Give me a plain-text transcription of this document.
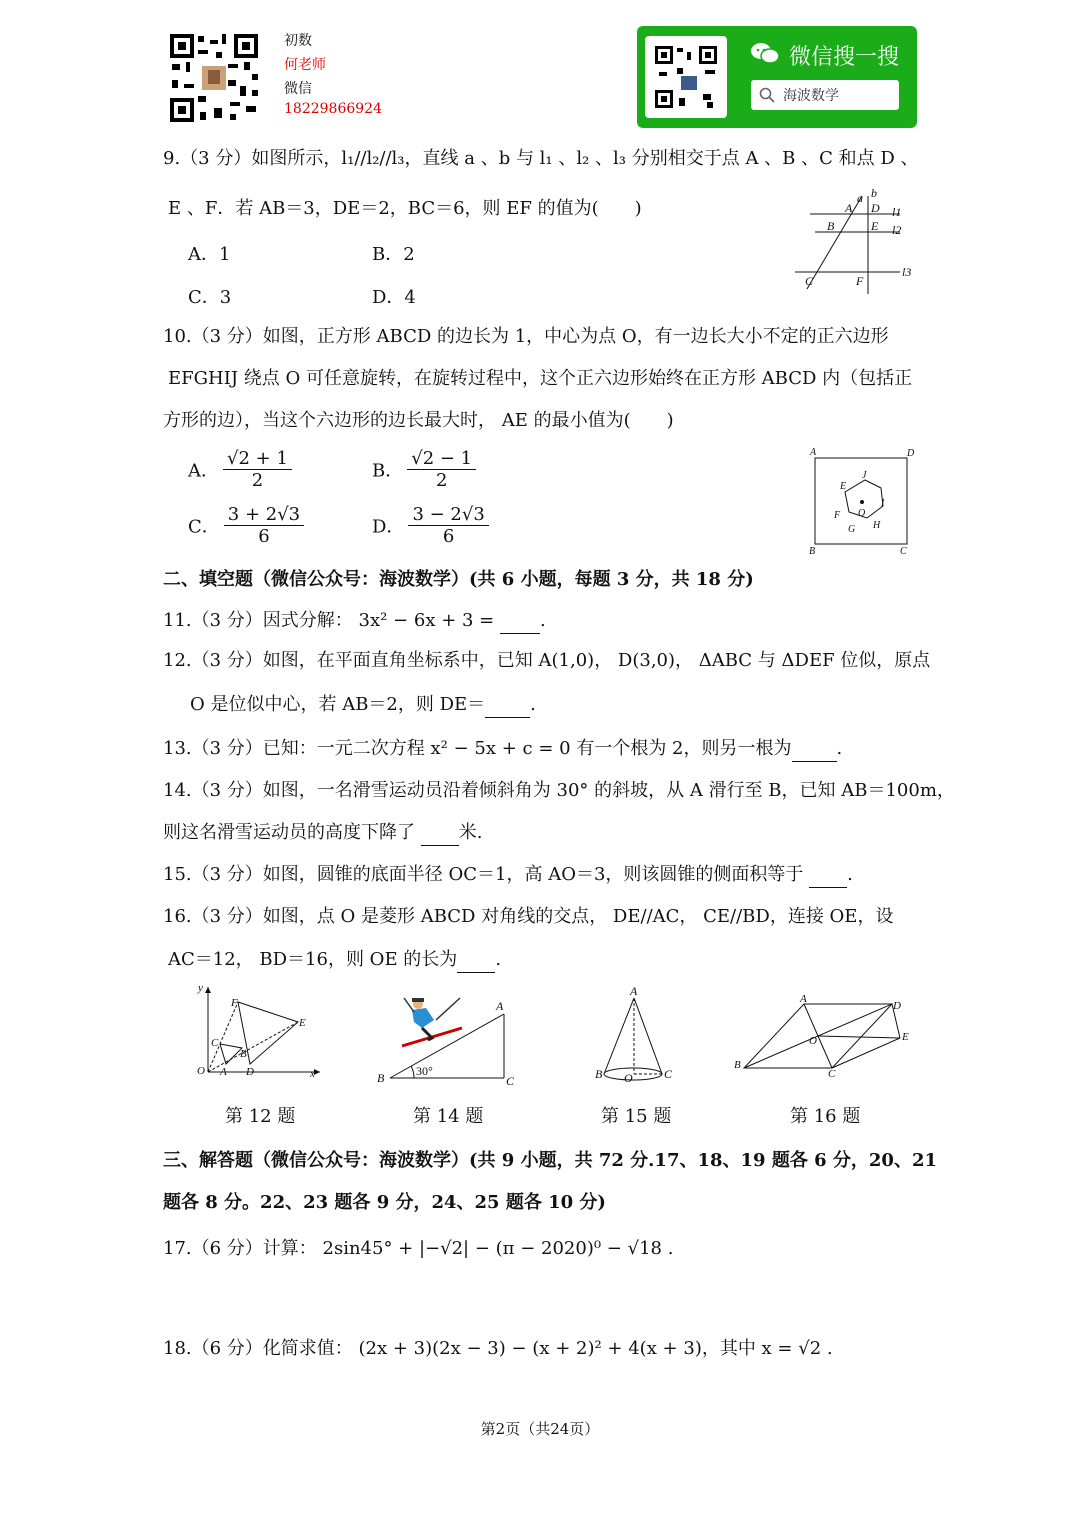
初数
何老师
微信
18229866924
微信搜一搜
海波数学
9.（3 分）如图所示，l₁//l₂//l₃，直线 a 、b 与 l₁ 、l₂ 、l₃ 分别相交于点 A 、B 、C 和点 D 、
E 、F．若 AB＝3，DE＝2，BC＝6，则 EF 的值为(　　)
A．1	B．2
C．3	D．4
a b
A D
B	E
C	F
l1
l2
l3
10.（3 分）如图，正方形 ABCD 的边长为 1，中心为点 O，有一边长大小不定的正六边形
EFGHIJ 绕点 O 可任意旋转，在旋转过程中，这个正六边形始终在正方形 ABCD 内（包括正
方形的边），当这个六边形的边长最大时， AE 的最小值为(　　)
A． $\frac{√2 + 1}{2}$	B． $\frac{√2 - 1}{2}$
C． $\frac{3 + 2√3}{6}$	D． $\frac{3 - 2√3}{6}$
A	D
B	C
J
E
I
F O
G H
二、填空题（微信公众号：海波数学）(共 6 小题，每题 3 分，共 18 分)
11.（3 分）因式分解： 3x² − 6x + 3 = .
12.（3 分）如图，在平面直角坐标系中，已知 A(1,0)， D(3,0)， ΔABC 与 ΔDEF 位似，原点
O 是位似中心，若 AB＝2，则 DE＝	.
13.（3 分）已知：一元二次方程 x² − 5x + c = 0 有一个根为 2，则另一根为	.
14.（3 分）如图，一名滑雪运动员沿着倾斜角为 30° 的斜坡，从 A 滑行至 B，已知 AB＝100m，
则这名滑雪运动员的高度下降了 米.
15.（3 分）如图，圆锥的底面半径 OC＝1，高 AO＝3，则该圆锥的侧面积等于 .
16.（3 分）如图，点 O 是菱形 ABCD 对角线的交点， DE//AC， CE//BD，连接 OE，设
AC＝12， BD＝16，则 OE 的长为 .
y
F
E
C
B
O A D	x
A
B	30°
C
A
B O	C
A
D
O	E
B
C
第 12 题	第 14 题	第 15 题	第 16 题
三、解答题（微信公众号：海波数学）(共 9 小题，共 72 分.17、18、19 题各 6 分，20、21
题各 8 分。22、23 题各 9 分，24、25 题各 10 分)
17.（6 分）计算： 2sin45° + |−√2| − (π − 2020)⁰ − √18 .
18.（6 分）化简求值： (2x + 3)(2x − 3) − (x + 2)² + 4(x + 3)，其中 x = √2 .
第2页（共24页）
